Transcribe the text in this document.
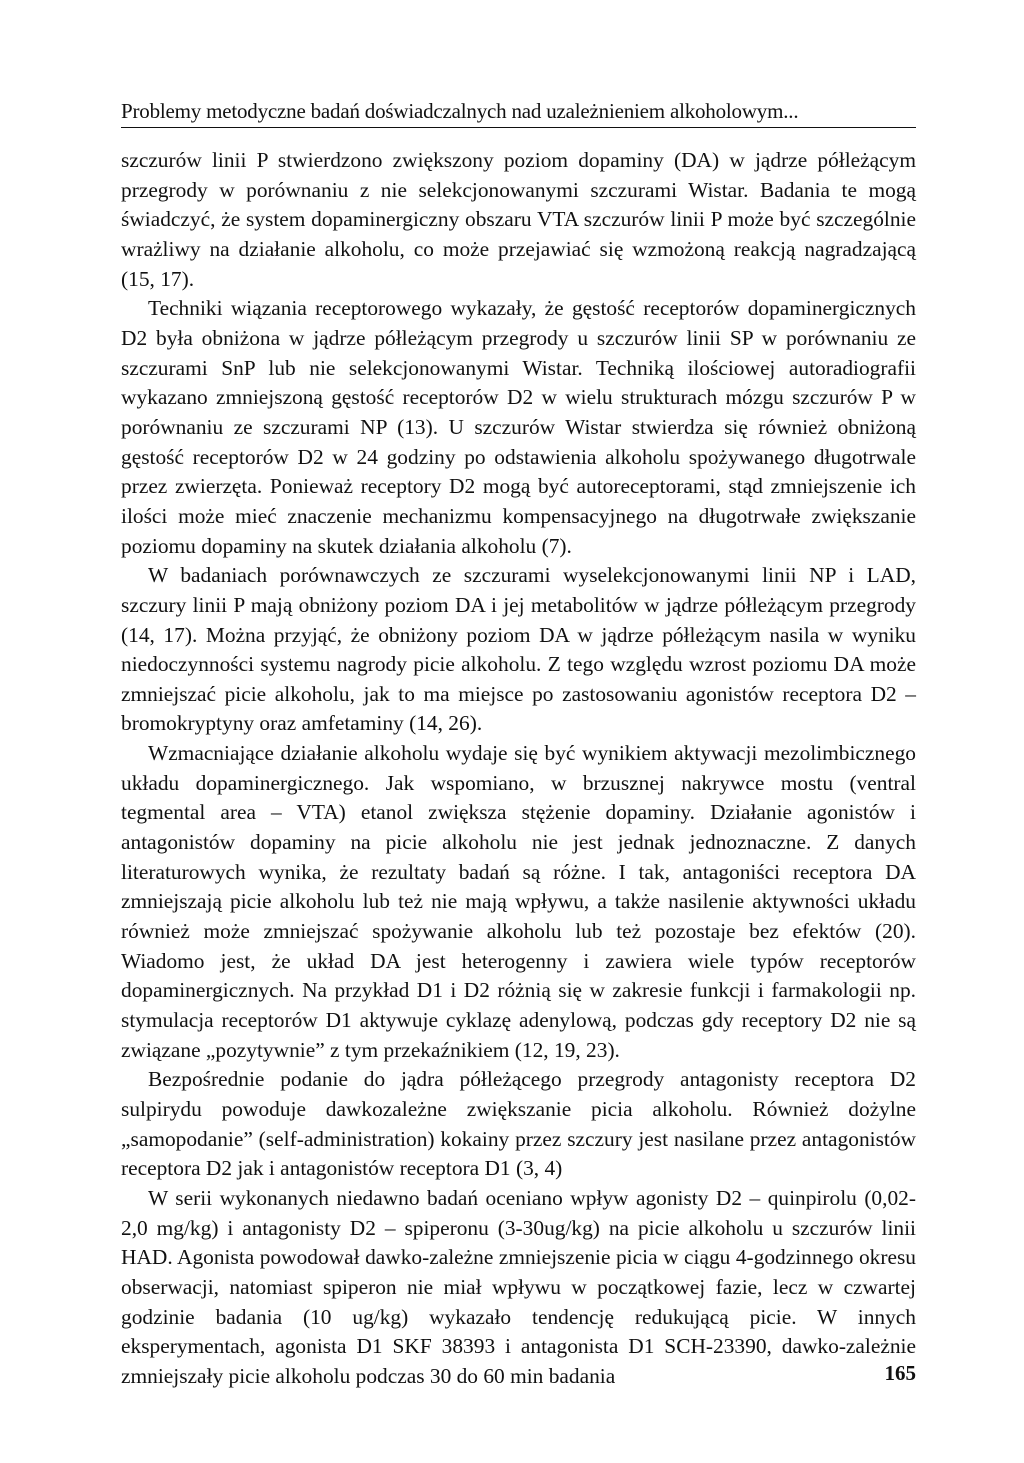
Problemy metodyczne badań doświadczalnych nad uzależnieniem alkoholowym...

szczurów linii P stwierdzono zwiększony poziom dopaminy (DA) w jądrze półleżącym przegrody w porównaniu z nie selekcjonowanymi szczurami Wistar. Badania te mogą świadczyć, że system dopaminergiczny obszaru VTA szczurów linii P może być szczególnie wrażliwy na działanie alkoholu, co może przejawiać się wzmożoną reakcją nagradzającą (15, 17).

Techniki wiązania receptorowego wykazały, że gęstość receptorów dopaminergicznych D2 była obniżona w jądrze półleżącym przegrody u szczurów linii SP w porównaniu ze szczurami SnP lub nie selekcjonowanymi Wistar. Techniką ilościowej autoradiografii wykazano zmniejszoną gęstość receptorów D2 w wielu strukturach mózgu szczurów P w porównaniu ze szczurami NP (13). U szczurów Wistar stwierdza się również obniżoną gęstość receptorów D2 w 24 godziny po odstawienia alkoholu spożywanego długotrwale przez zwierzęta. Ponieważ receptory D2 mogą być autoreceptorami, stąd zmniejszenie ich ilości może mieć znaczenie mechanizmu kompensacyjnego na długotrwałe zwiększanie poziomu dopaminy na skutek działania alkoholu (7).

W badaniach porównawczych ze szczurami wyselekcjonowanymi linii NP i LAD, szczury linii P mają obniżony poziom DA i jej metabolitów w jądrze półleżącym przegrody (14, 17). Można przyjąć, że obniżony poziom DA w jądrze półleżącym nasila w wyniku niedoczynności systemu nagrody picie alkoholu. Z tego względu wzrost poziomu DA może zmniejszać picie alkoholu, jak to ma miejsce po zastosowaniu agonistów receptora D2 – bromokryptyny oraz amfetaminy (14, 26).

Wzmacniające działanie alkoholu wydaje się być wynikiem aktywacji mezolimbicznego układu dopaminergicznego. Jak wspomiano, w brzusznej nakrywce mostu (ventral tegmental area – VTA) etanol zwiększa stężenie dopaminy. Działanie agonistów i antagonistów dopaminy na picie alkoholu nie jest jednak jednoznaczne. Z danych literaturowych wynika, że rezultaty badań są różne. I tak, antagoniści receptora DA zmniejszają picie alkoholu lub też nie mają wpływu, a także nasilenie aktywności układu również może zmniejszać spożywanie alkoholu lub też pozostaje bez efektów (20). Wiadomo jest, że układ DA jest heterogenny i zawiera wiele typów receptorów dopaminergicznych. Na przykład D1 i D2 różnią się w zakresie funkcji i farmakologii np. stymulacja receptorów D1 aktywuje cyklazę adenylową, podczas gdy receptory D2 nie są związane „pozytywnie” z tym przekaźnikiem (12, 19, 23).

Bezpośrednie podanie do jądra półleżącego przegrody antagonisty receptora D2 sulpirydu powoduje dawkozależne zwiększanie picia alkoholu. Również dożylne „samopodanie” (self-administration) kokainy przez szczury jest nasilane przez antagonistów receptora D2 jak i antagonistów receptora D1 (3, 4)

W serii wykonanych niedawno badań oceniano wpływ agonisty D2 – quinpirolu (0,02-2,0 mg/kg) i antagonisty D2 – spiperonu (3-30ug/kg) na picie alkoholu u szczurów linii HAD. Agonista powodował dawko-zależne zmniejszenie picia w ciągu 4-godzinnego okresu obserwacji, natomiast spiperon nie miał wpływu w początkowej fazie, lecz w czwartej godzinie badania (10 ug/kg) wykazało tendencję redukującą picie. W innych eksperymentach, agonista D1 SKF 38393 i antagonista D1 SCH-23390, dawko-zależnie zmniejszały picie alkoholu podczas 30 do 60 min badania	165
